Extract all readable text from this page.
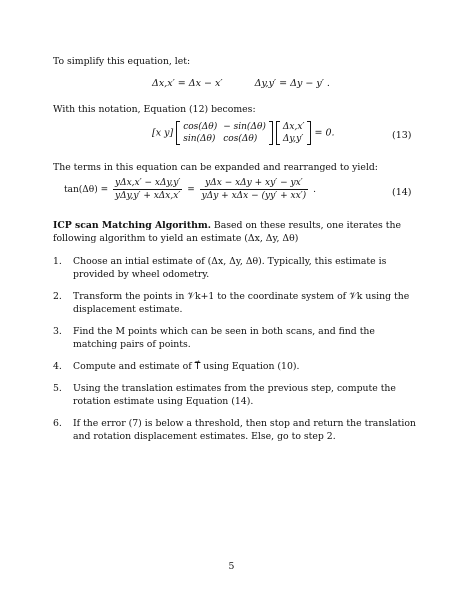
To simplify this equation, let:

Δx,x′ = Δx − x′	Δy,y′ = Δy − y′ .

With this notation, Equation (12) becomes:

[x y]
cos(Δθ)	− sin(Δθ)
sin(Δθ)	cos(Δθ)

Δx,x′
Δy,y′
= 0.	(13)

The terms in this equation can be expanded and rearranged to yield:

$\tan(\Delta\theta) = \frac{\text{yΔx,x′ − xΔy,y′}}{\text{yΔy,y′ + xΔx,x′}} = \frac{\text{yΔx − xΔy + xy′ − yx′}}{\text{yΔy + xΔx − (yy′ + xx′)}}$ .	(14)

ICP scan Matching Algorithm. Based on these results, one iterates the following algorithm to yield an estimate (Δx, Δy, Δθ)

1. Choose an intial estimate of (Δx, Δy, Δθ). Typically, this estimate is provided by wheel odometry.
2. Transform the points in 𝒱k+1 to the coordinate system of 𝒱k using the displacement estimate.
3. Find the M points which can be seen in both scans, and find the matching pairs of points.
4. Compute and estimate of T⃗ using Equation (10).
5. Using the translation estimates from the previous step, compute the rotation estimate using Equation (14).
6. If the error (7) is below a threshold, then stop and return the translation and rotation displacement estimates. Else, go to step 2.
5
